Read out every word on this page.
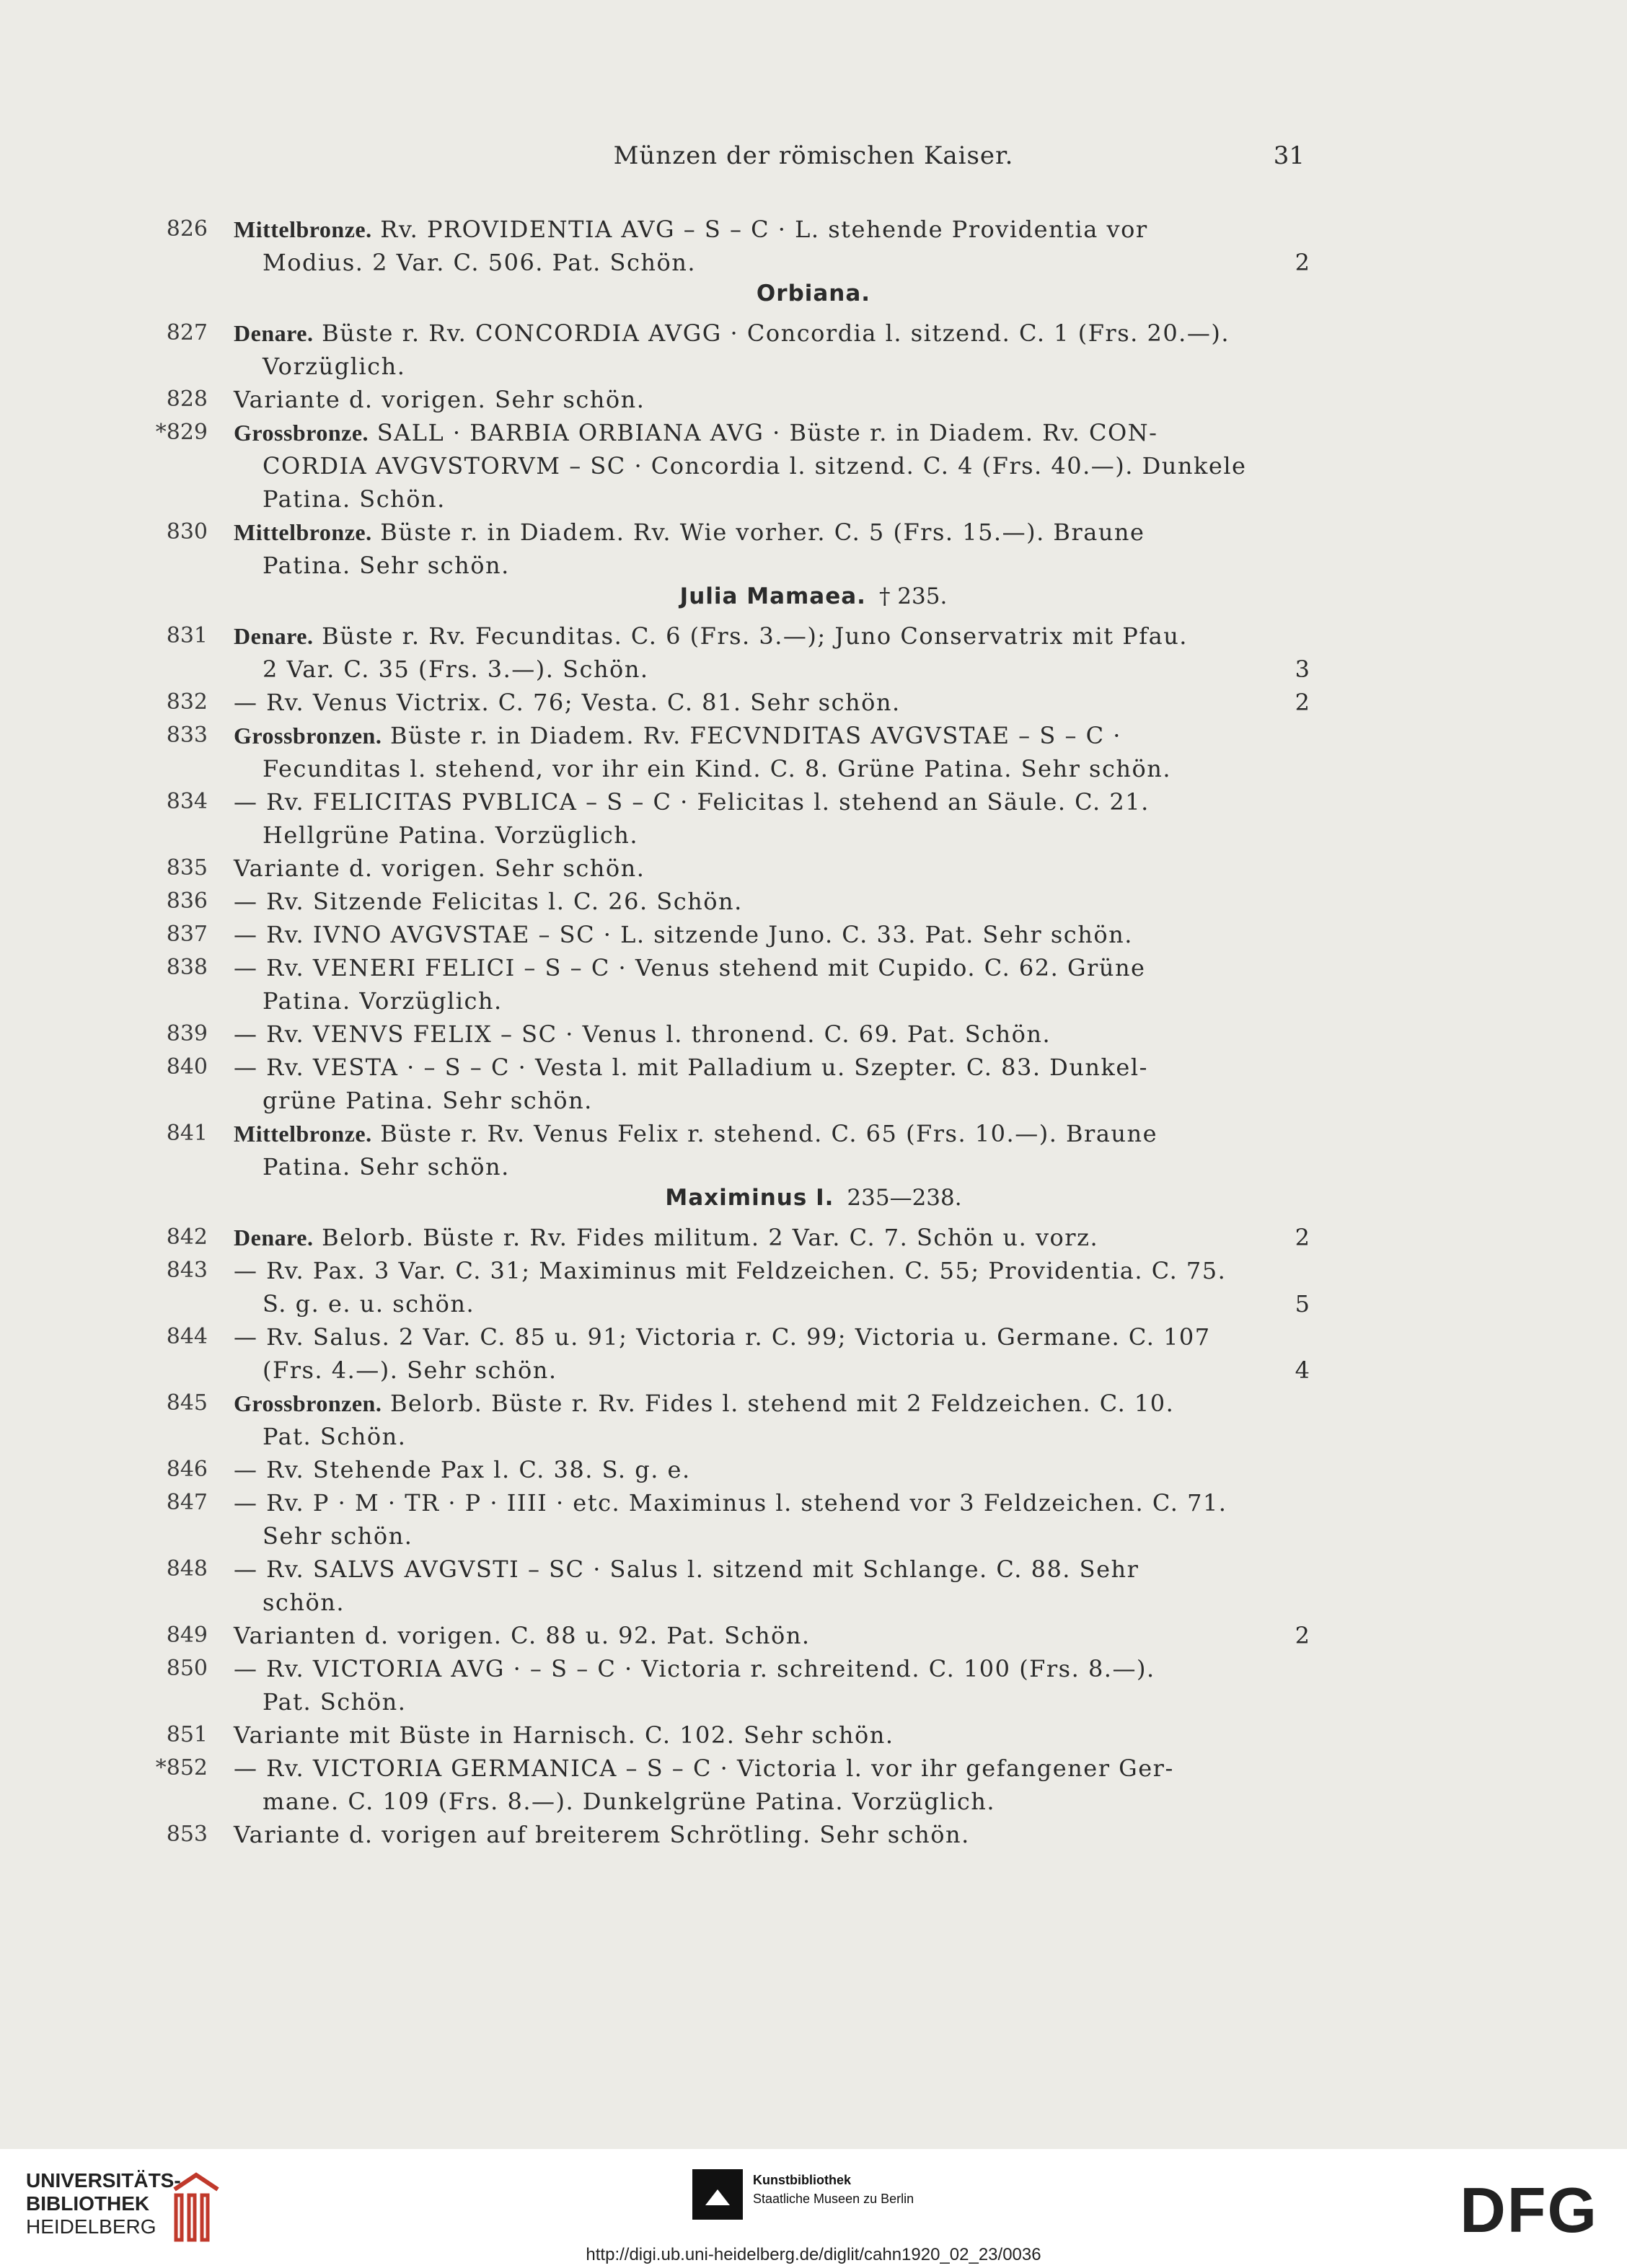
Münzen der römischen Kaiser.	31
826 Mittelbronze. Rv. PROVIDENTIA AVG – S – C · L. stehende Providentia vor
Modius. 2 Var. C. 506. Pat. Schön.	2
Orbiana.
827 Denare. Büste r. Rv. CONCORDIA AVGG · Concordia l. sitzend. C. 1 (Frs. 20.—).
Vorzüglich.
828 Variante d. vorigen. Sehr schön.
*829 Grossbronze. SALL · BARBIA ORBIANA AVG · Büste r. in Diadem. Rv. CON-
CORDIA AVGVSTORVM – SC · Concordia l. sitzend. C. 4 (Frs. 40.—). Dunkele
Patina. Schön.
830 Mittelbronze. Büste r. in Diadem. Rv. Wie vorher. C. 5 (Frs. 15.—). Braune
Patina. Sehr schön.
Julia Mamaea. † 235.
831 Denare. Büste r. Rv. Fecunditas. C. 6 (Frs. 3.—); Juno Conservatrix mit Pfau.
2 Var. C. 35 (Frs. 3.—). Schön.	3
832 — Rv. Venus Victrix. C. 76; Vesta. C. 81. Sehr schön.	2
833 Grossbronzen. Büste r. in Diadem. Rv. FECVNDITAS AVGVSTAE – S – C ·
Fecunditas l. stehend, vor ihr ein Kind. C. 8. Grüne Patina. Sehr schön.
834 — Rv. FELICITAS PVBLICA – S – C · Felicitas l. stehend an Säule. C. 21.
Hellgrüne Patina. Vorzüglich.
835 Variante d. vorigen. Sehr schön.
836 — Rv. Sitzende Felicitas l. C. 26. Schön.
837 — Rv. IVNO AVGVSTAE – SC · L. sitzende Juno. C. 33. Pat. Sehr schön.
838 — Rv. VENERI FELICI – S – C · Venus stehend mit Cupido. C. 62. Grüne
Patina. Vorzüglich.
839 — Rv. VENVS FELIX – SC · Venus l. thronend. C. 69. Pat. Schön.
840 — Rv. VESTA · – S – C · Vesta l. mit Palladium u. Szepter. C. 83. Dunkel-
grüne Patina. Sehr schön.
841 Mittelbronze. Büste r. Rv. Venus Felix r. stehend. C. 65 (Frs. 10.—). Braune
Patina. Sehr schön.
Maximinus I. 235—238.
842 Denare. Belorb. Büste r. Rv. Fides militum. 2 Var. C. 7. Schön u. vorz.	2
843 — Rv. Pax. 3 Var. C. 31; Maximinus mit Feldzeichen. C. 55; Providentia. C. 75.
S. g. e. u. schön.	5
844 — Rv. Salus. 2 Var. C. 85 u. 91; Victoria r. C. 99; Victoria u. Germane. C. 107
(Frs. 4.—). Sehr schön.	4
845 Grossbronzen. Belorb. Büste r. Rv. Fides l. stehend mit 2 Feldzeichen. C. 10.
Pat. Schön.
846 — Rv. Stehende Pax l. C. 38. S. g. e.
847 — Rv. P · M · TR · P · IIII · etc. Maximinus l. stehend vor 3 Feldzeichen. C. 71.
Sehr schön.
848 — Rv. SALVS AVGVSTI – SC · Salus l. sitzend mit Schlange. C. 88. Sehr
schön.
849 Varianten d. vorigen. C. 88 u. 92. Pat. Schön.	2
850 — Rv. VICTORIA AVG · – S – C · Victoria r. schreitend. C. 100 (Frs. 8.—).
Pat. Schön.
851 Variante mit Büste in Harnisch. C. 102. Sehr schön.
*852 — Rv. VICTORIA GERMANICA – S – C · Victoria l. vor ihr gefangener Ger-
mane. C. 109 (Frs. 8.—). Dunkelgrüne Patina. Vorzüglich.
853 Variante d. vorigen auf breiterem Schrötling. Sehr schön.
UNIVERSITÄTS-
BIBLIOTHEK
HEIDELBERG
Kunstbibliothek
Staatliche Museen zu Berlin	DFG
http://digi.ub.uni-heidelberg.de/diglit/cahn1920_02_23/0036
